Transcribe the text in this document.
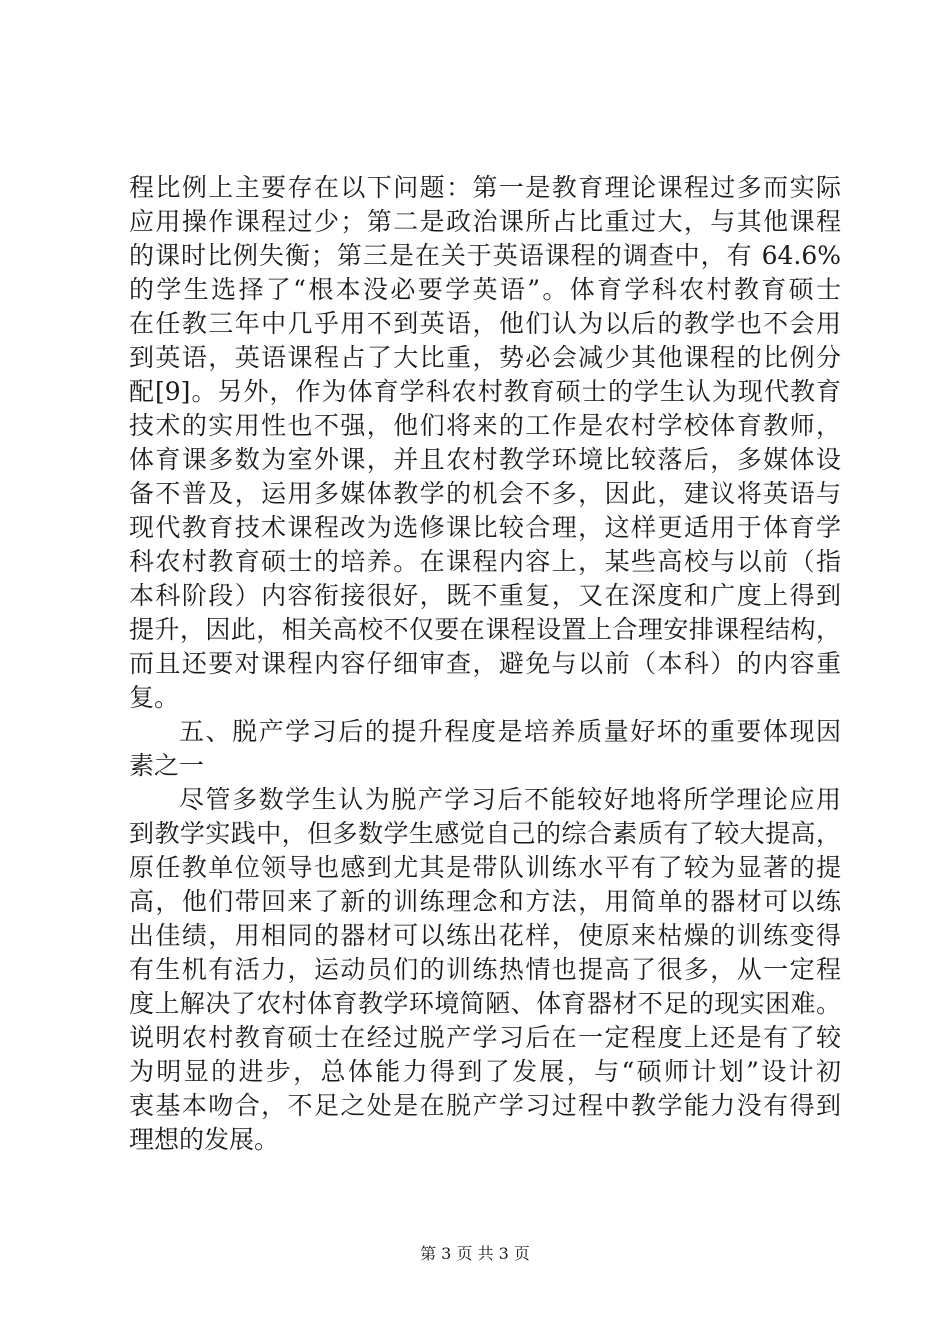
程比例上主要存在以下问题：第一是教育理论课程过多而实际
应用操作课程过少；第二是政治课所占比重过大，与其他课程
的课时比例失衡；第三是在关于英语课程的调查中，有 64.6%
的学生选择了“根本没必要学英语”。体育学科农村教育硕士
在任教三年中几乎用不到英语，他们认为以后的教学也不会用
到英语，英语课程占了大比重，势必会减少其他课程的比例分
配[9]。另外，作为体育学科农村教育硕士的学生认为现代教育
技术的实用性也不强，他们将来的工作是农村学校体育教师，
体育课多数为室外课，并且农村教学环境比较落后，多媒体设
备不普及，运用多媒体教学的机会不多，因此，建议将英语与
现代教育技术课程改为选修课比较合理，这样更适用于体育学
科农村教育硕士的培养。在课程内容上，某些高校与以前（指
本科阶段）内容衔接很好，既不重复，又在深度和广度上得到
提升，因此，相关高校不仅要在课程设置上合理安排课程结构，
而且还要对课程内容仔细审查，避免与以前（本科）的内容重
复。
五、脱产学习后的提升程度是培养质量好坏的重要体现因
素之一
尽管多数学生认为脱产学习后不能较好地将所学理论应用
到教学实践中，但多数学生感觉自己的综合素质有了较大提高，
原任教单位领导也感到尤其是带队训练水平有了较为显著的提
高，他们带回来了新的训练理念和方法，用简单的器材可以练
出佳绩，用相同的器材可以练出花样，使原来枯燥的训练变得
有生机有活力，运动员们的训练热情也提高了很多，从一定程
度上解决了农村体育教学环境简陋、体育器材不足的现实困难。
说明农村教育硕士在经过脱产学习后在一定程度上还是有了较
为明显的进步，总体能力得到了发展，与“硕师计划”设计初
衷基本吻合，不足之处是在脱产学习过程中教学能力没有得到
理想的发展。
第 3 页 共 3 页
